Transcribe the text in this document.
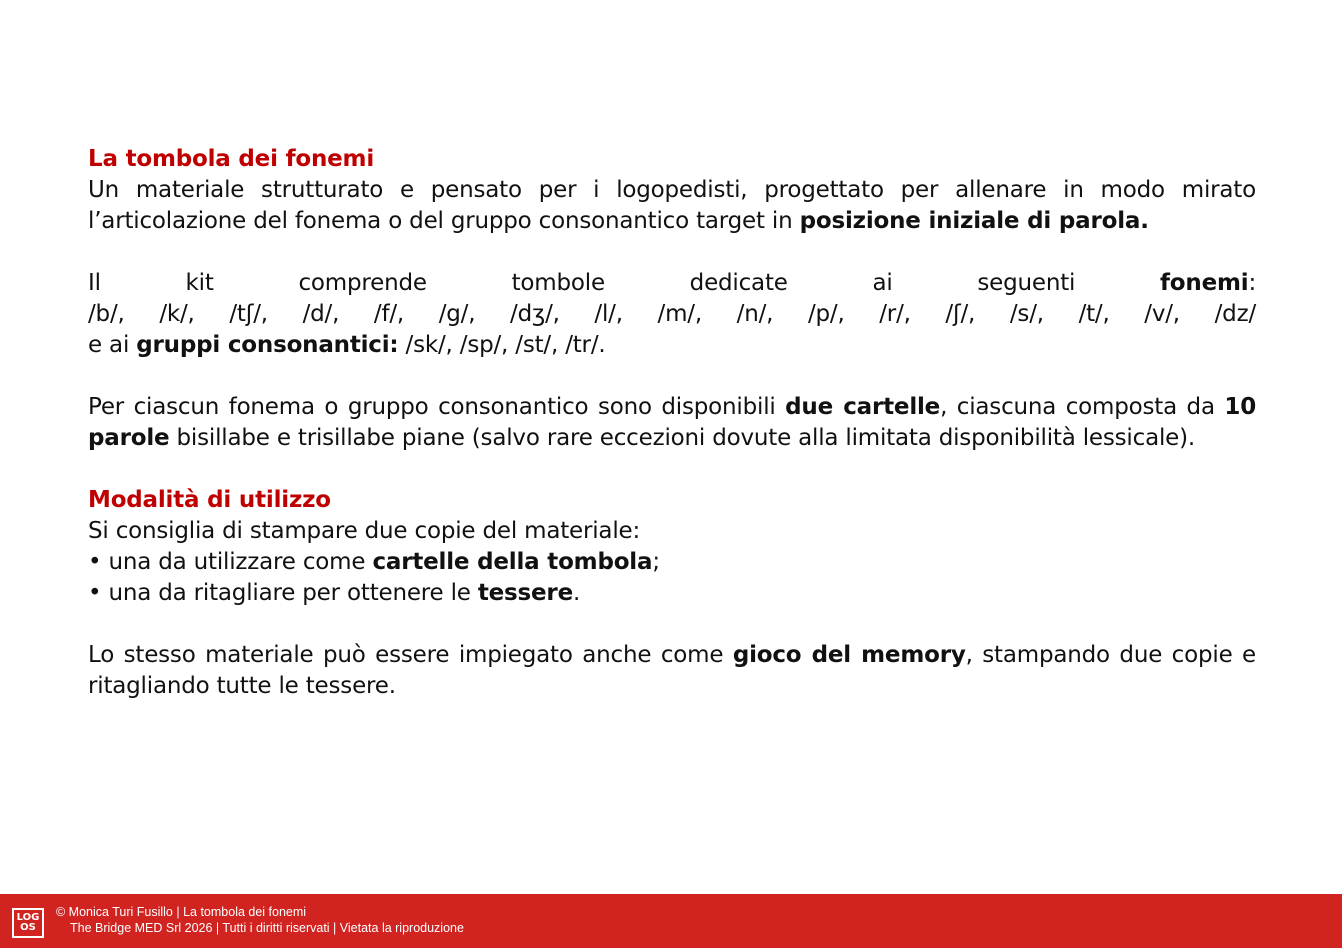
La tombola dei fonemi

Un materiale strutturato e pensato per i logopedisti, progettato per allenare in modo mirato l’articolazione del fonema o del gruppo consonantico target in posizione iniziale di parola.

Il kit comprende tombole dedicate ai seguenti fonemi:

/b/, /k/, /tʃ/, /d/, /f/, /g/, /dʒ/, /l/, /m/, /n/, /p/, /r/, /ʃ/, /s/, /t/, /v/, /dz/

e ai gruppi consonantici: /sk/, /sp/, /st/, /tr/.

Per ciascun fonema o gruppo consonantico sono disponibili due cartelle, ciascuna composta da 10 parole bisillabe e trisillabe piane (salvo rare eccezioni dovute alla limitata disponibilità lessicale).

Modalità di utilizzo

Si consiglia di stampare due copie del materiale:

• una da utilizzare come cartelle della tombola;

• una da ritagliare per ottenere le tessere.

Lo stesso materiale può essere impiegato anche come gioco del memory, stampando due copie e ritagliando tutte le tessere.

LOG
OS
© Monica Turi Fusillo | La tombola dei fonemi
The Bridge MED Srl 2026 | Tutti i diritti riservati | Vietata la riproduzione
